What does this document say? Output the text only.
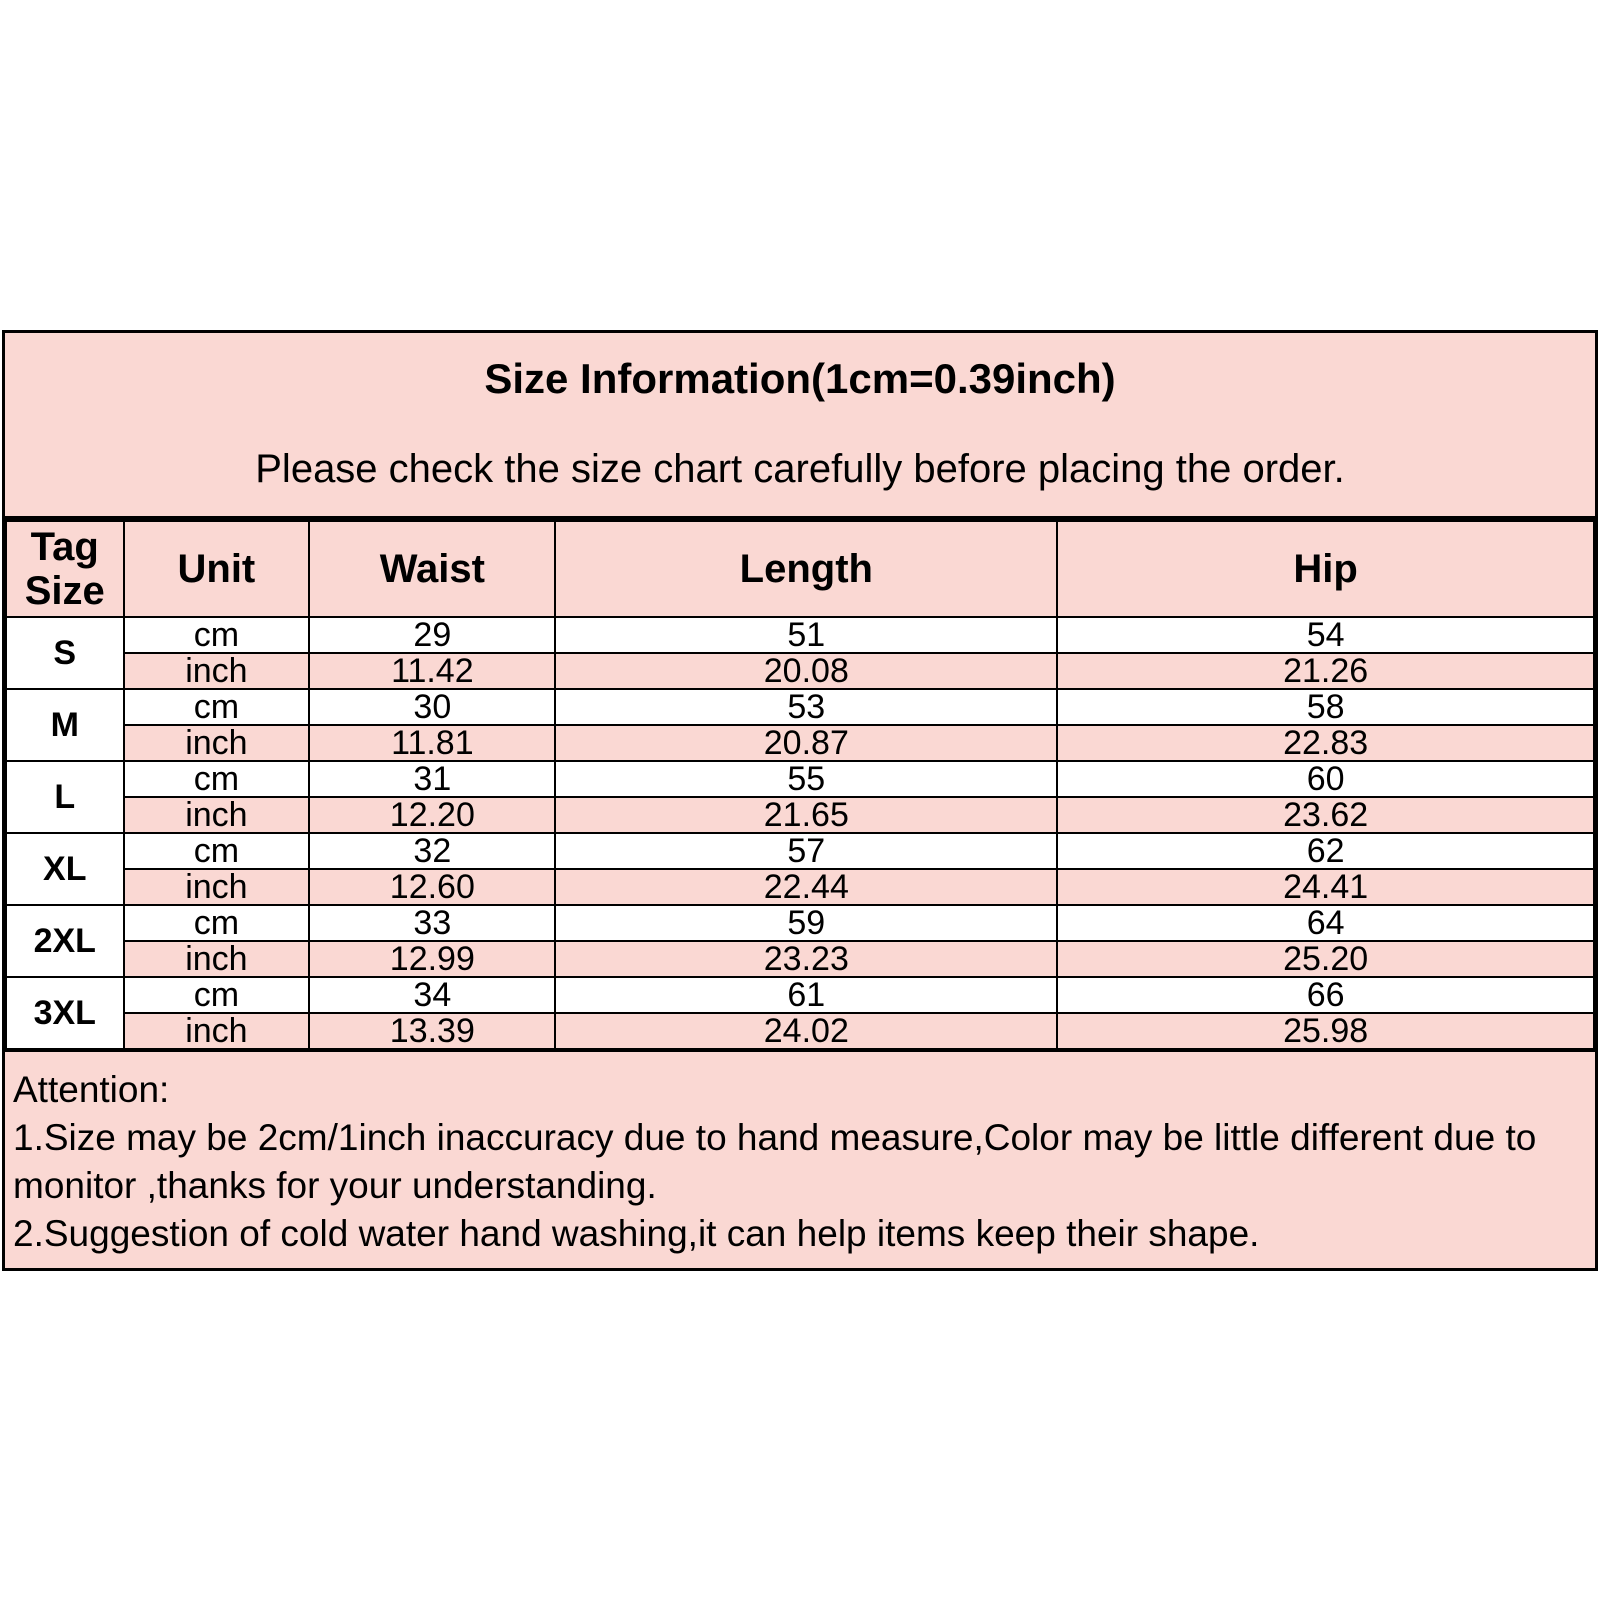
Size Information(1cm=0.39inch)
Please check the size chart carefully before placing the order.
Tag Size	Unit	Waist	Length	Hip
S	cm	29	51	54
	inch	11.42	20.08	21.26
M	cm	30	53	58
	inch	11.81	20.87	22.83
L	cm	31	55	60
	inch	12.20	21.65	23.62
XL	cm	32	57	62
	inch	12.60	22.44	24.41
2XL	cm	33	59	64
	inch	12.99	23.23	25.20
3XL	cm	34	61	66
	inch	13.39	24.02	25.98
Attention:
1.Size may be 2cm/1inch inaccuracy due to hand measure,Color may be little different due to
monitor ,thanks for your understanding.
2.Suggestion of cold water hand washing,it can help items keep their shape.
